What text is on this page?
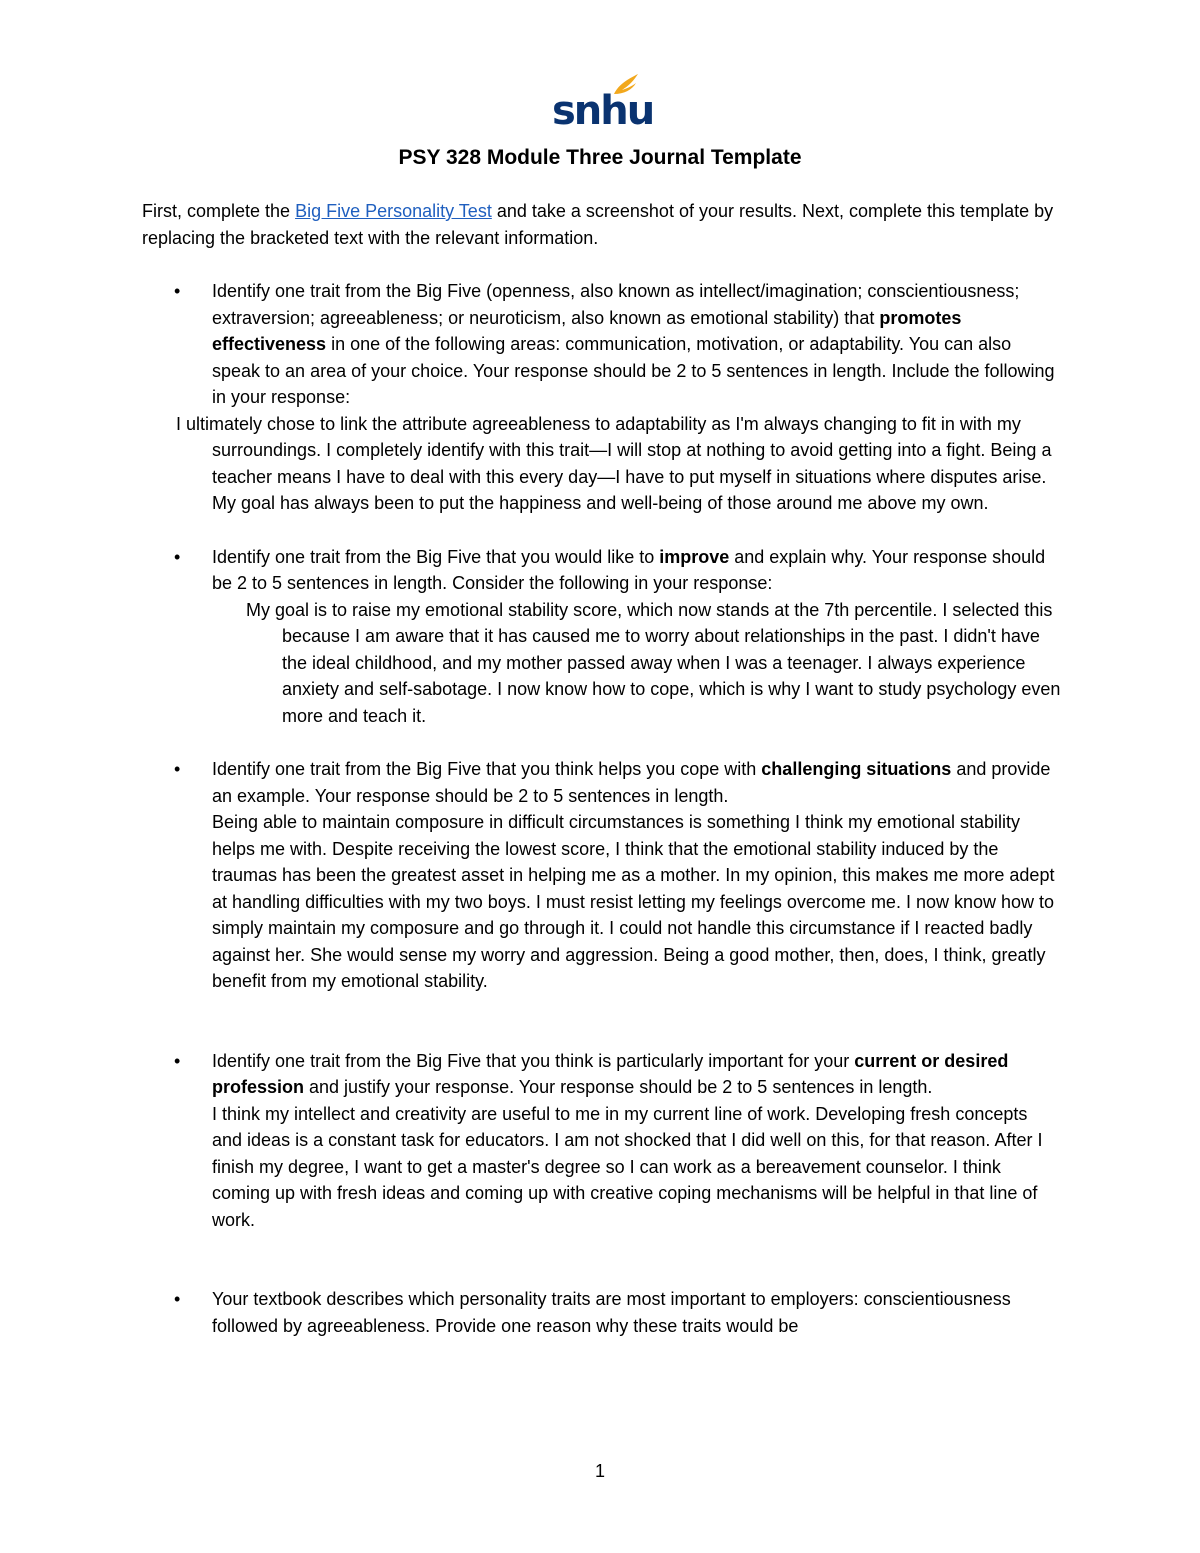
snhu
PSY 328 Module Three Journal Template

First, complete the Big Five Personality Test and take a screenshot of your results. Next, complete this template by replacing the bracketed text with the relevant information.

• Identify one trait from the Big Five (openness, also known as intellect/imagination; conscientiousness; extraversion; agreeableness; or neuroticism, also known as emotional stability) that promotes effectiveness in one of the following areas: communication, motivation, or adaptability. You can also speak to an area of your choice. Your response should be 2 to 5 sentences in length. Include the following in your response:

I ultimately chose to link the attribute agreeableness to adaptability as I'm always changing to fit in with my surroundings. I completely identify with this trait—I will stop at nothing to avoid getting into a fight. Being a teacher means I have to deal with this every day—I have to put myself in situations where disputes arise. My goal has always been to put the happiness and well-being of those around me above my own.

• Identify one trait from the Big Five that you would like to improve and explain why. Your response should be 2 to 5 sentences in length. Consider the following in your response:

My goal is to raise my emotional stability score, which now stands at the 7th percentile. I selected this because I am aware that it has caused me to worry about relationships in the past. I didn't have the ideal childhood, and my mother passed away when I was a teenager. I always experience anxiety and self-sabotage. I now know how to cope, which is why I want to study psychology even more and teach it.

• Identify one trait from the Big Five that you think helps you cope with challenging situations and provide an example. Your response should be 2 to 5 sentences in length.

Being able to maintain composure in difficult circumstances is something I think my emotional stability helps me with. Despite receiving the lowest score, I think that the emotional stability induced by the traumas has been the greatest asset in helping me as a mother. In my opinion, this makes me more adept at handling difficulties with my two boys. I must resist letting my feelings overcome me. I now know how to simply maintain my composure and go through it. I could not handle this circumstance if I reacted badly against her. She would sense my worry and aggression. Being a good mother, then, does, I think, greatly benefit from my emotional stability.

• Identify one trait from the Big Five that you think is particularly important for your current or desired profession and justify your response. Your response should be 2 to 5 sentences in length.

I think my intellect and creativity are useful to me in my current line of work. Developing fresh concepts and ideas is a constant task for educators. I am not shocked that I did well on this, for that reason. After I finish my degree, I want to get a master's degree so I can work as a bereavement counselor. I think coming up with fresh ideas and coming up with creative coping mechanisms will be helpful in that line of work.

• Your textbook describes which personality traits are most important to employers: conscientiousness followed by agreeableness. Provide one reason why these traits would be
1
